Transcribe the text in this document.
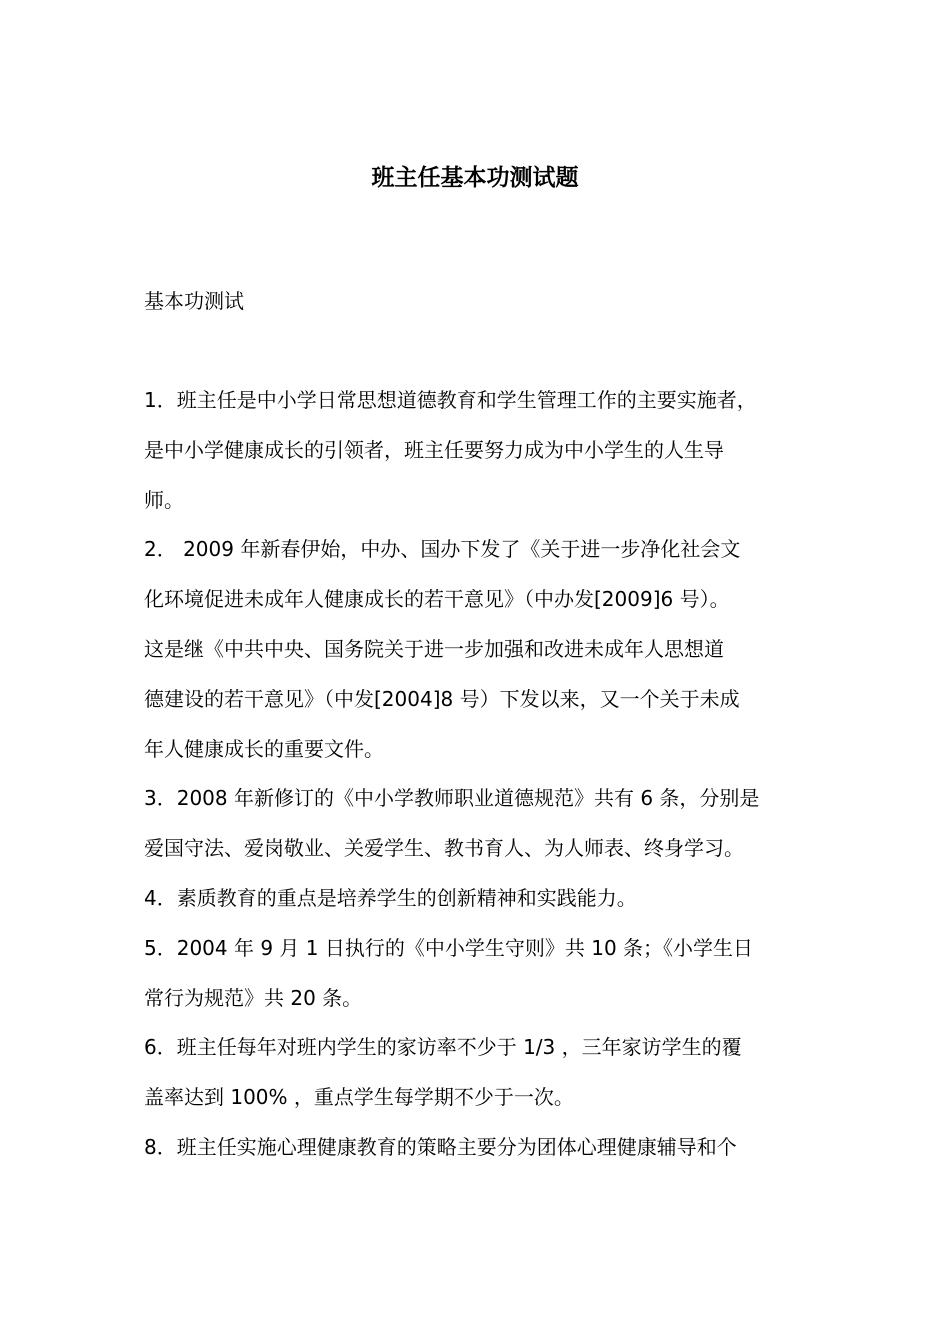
班主任基本功测试题
基本功测试
1．班主任是中小学日常思想道德教育和学生管理工作的主要实施者，
是中小学健康成长的引领者，班主任要努力成为中小学生的人生导
师。
2． 2009 年新春伊始，中办、国办下发了《关于进一步净化社会文
化环境促进未成年人健康成长的若干意见》（中办发[2009]6 号）。
这是继《中共中央、国务院关于进一步加强和改进未成年人思想道
德建设的若干意见》（中发[2004]8 号）下发以来，又一个关于未成
年人健康成长的重要文件。
3．2008 年新修订的《中小学教师职业道德规范》共有 6 条，分别是
爱国守法、爱岗敬业、关爱学生、教书育人、为人师表、终身学习。
4．素质教育的重点是培养学生的创新精神和实践能力。
5．2004 年 9 月 1 日执行的《中小学生守则》共 10 条；《小学生日
常行为规范》共 20 条。
6．班主任每年对班内学生的家访率不少于 1/3 ，三年家访学生的覆
盖率达到 100% ，重点学生每学期不少于一次。
8．班主任实施心理健康教育的策略主要分为团体心理健康辅导和个
